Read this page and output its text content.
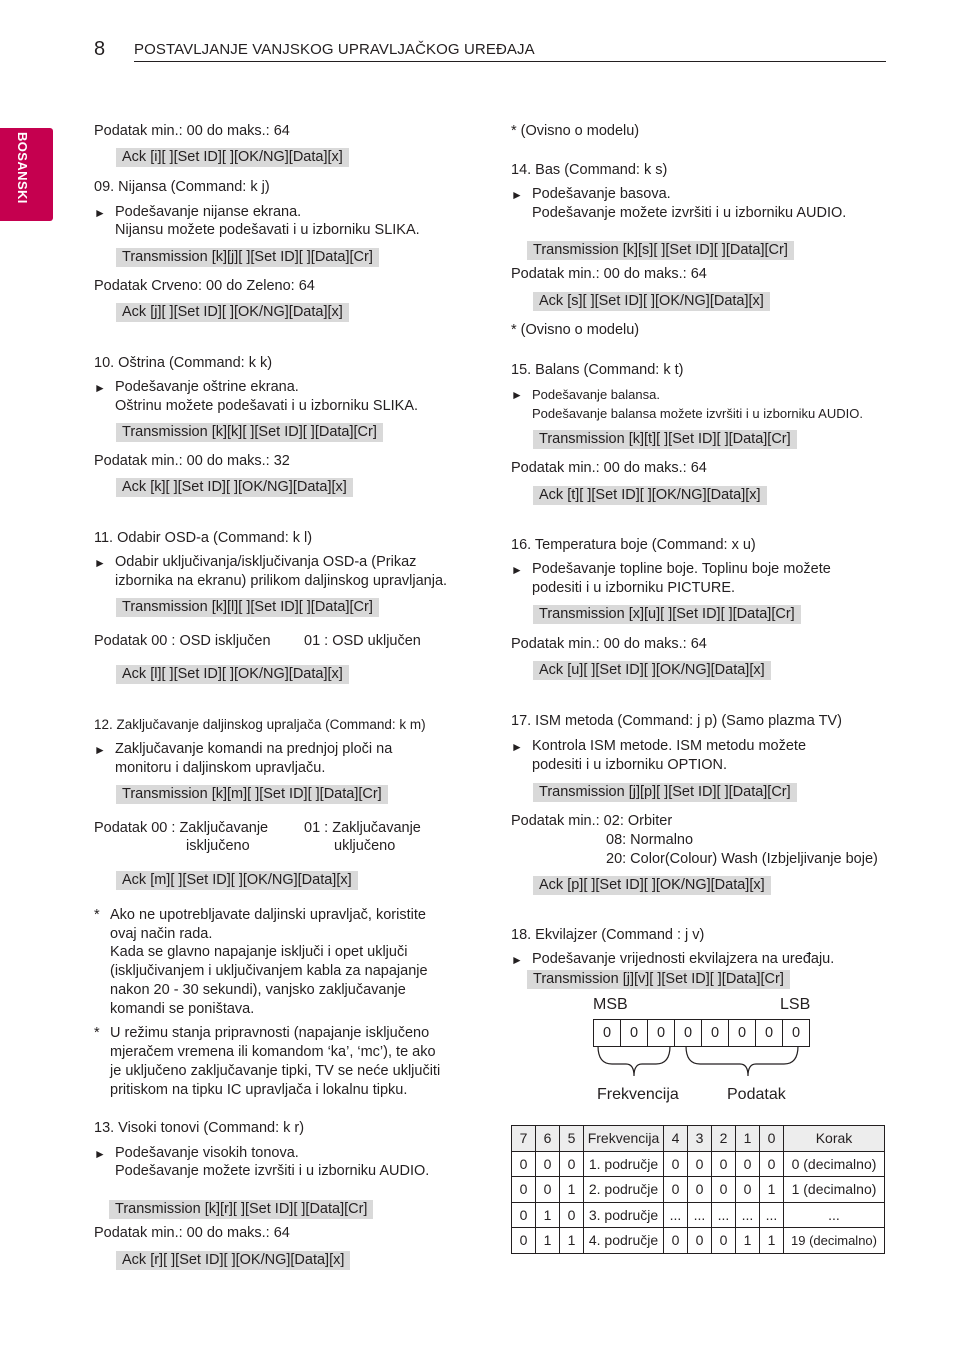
8 POSTAVLJANJE VANJSKOG UPRAVLJAČKOG UREĐAJA
BOSANSKI
Podatak min.: 00 do maks.: 64
Ack [i][ ][Set ID][ ][OK/NG][Data][x]
09. Nijansa (Command: k j)
► Podešavanje nijanse ekrana.
Nijansu možete podešavati i u izborniku SLIKA.
Transmission [k][j][ ][Set ID][ ][Data][Cr]
Podatak Crveno: 00 do Zeleno: 64
Ack [j][ ][Set ID][ ][OK/NG][Data][x]
10. Oštrina (Command: k k)
► Podešavanje oštrine ekrana.
Oštrinu možete podešavati i u izborniku SLIKA.
Transmission [k][k][ ][Set ID][ ][Data][Cr]
Podatak min.: 00 do maks.: 32
Ack [k][ ][Set ID][ ][OK/NG][Data][x]
11. Odabir OSD-a (Command: k l)
► Odabir uključivanja/isključivanja OSD-a (Prikaz
izbornika na ekranu) prilikom daljinskog upravljanja.
Transmission [k][l][ ][Set ID][ ][Data][Cr]
Podatak 00 : OSD isključen 01 : OSD uključen
Ack [l][ ][Set ID][ ][OK/NG][Data][x]
12. Zaključavanje daljinskog upraljača (Command: k m)
► Zaključavanje komandi na prednjoj ploči na
monitoru i daljinskom upravljaču.
Transmission [k][m][ ][Set ID][ ][Data][Cr]
Podatak 00 : Zaključavanje 01 : Zaključavanje
isključeno	uključeno
Ack [m][ ][Set ID][ ][OK/NG][Data][x]
* Ako ne upotrebljavate daljinski upravljač, koristite
ovaj način rada.
Kada se glavno napajanje isključi i opet uključi
(isključivanjem i uključivanjem kabla za napajanje
nakon 20 - 30 sekundi), vanjsko zaključavanje
komandi se poništava.
* U režimu stanja pripravnosti (napajanje isključeno
mjeračem vremena ili komandom ‘ka’, ‘mc’), te ako
je uključeno zaključavanje tipki, TV se neće uključiti
pritiskom na tipku IC upravljača i lokalnu tipku.
13. Visoki tonovi (Command: k r)
► Podešavanje visokih tonova.
Podešavanje možete izvršiti i u izborniku AUDIO.
Transmission [k][r][ ][Set ID][ ][Data][Cr]
Podatak min.: 00 do maks.: 64
Ack [r][ ][Set ID][ ][OK/NG][Data][x]
* (Ovisno o modelu)
14. Bas (Command: k s)
► Podešavanje basova.
Podešavanje možete izvršiti i u izborniku AUDIO.
Transmission [k][s][ ][Set ID][ ][Data][Cr]
Podatak min.: 00 do maks.: 64
Ack [s][ ][Set ID][ ][OK/NG][Data][x]
* (Ovisno o modelu)
15. Balans (Command: k t)
► Podešavanje balansa.
Podešavanje balansa možete izvršiti i u izborniku AUDIO.
Transmission [k][t][ ][Set ID][ ][Data][Cr]
Podatak min.: 00 do maks.: 64
Ack [t][ ][Set ID][ ][OK/NG][Data][x]
16. Temperatura boje (Command: x u)
► Podešavanje topline boje. Toplinu boje možete
podesiti i u izborniku PICTURE.
Transmission [x][u][ ][Set ID][ ][Data][Cr]
Podatak min.: 00 do maks.: 64
Ack [u][ ][Set ID][ ][OK/NG][Data][x]
17. ISM metoda (Command: j p) (Samo plazma TV)
► Kontrola ISM metode. ISM metodu možete
podesiti i u izborniku OPTION.
Transmission [j][p][ ][Set ID][ ][Data][Cr]
Podatak min.: 02: Orbiter
08: Normalno
20: Color(Colour) Wash (Izbjeljivanje boje)
Ack [p][ ][Set ID][ ][OK/NG][Data][x]
18. Ekvilajzer (Command : j v)
► Podešavanje vrijednosti ekvilajzera na uređaju.
Transmission [j][v][ ][Set ID][ ][Data][Cr]
MSB	LSB
0	0	0	0	0	0	0	0
Frekvencija	Podatak
7	6	5	Frekvencija	4	3	2	1	0	Korak
0	0	0	1. područje	0	0	0	0	0	0 (decimalno)
0	0	1	2. područje	0	0	0	0	1	1 (decimalno)
0	1	0	3. područje	...	...	...	...	...	...
0	1	1	4. područje	0	0	0	1	1	19 (decimalno)
